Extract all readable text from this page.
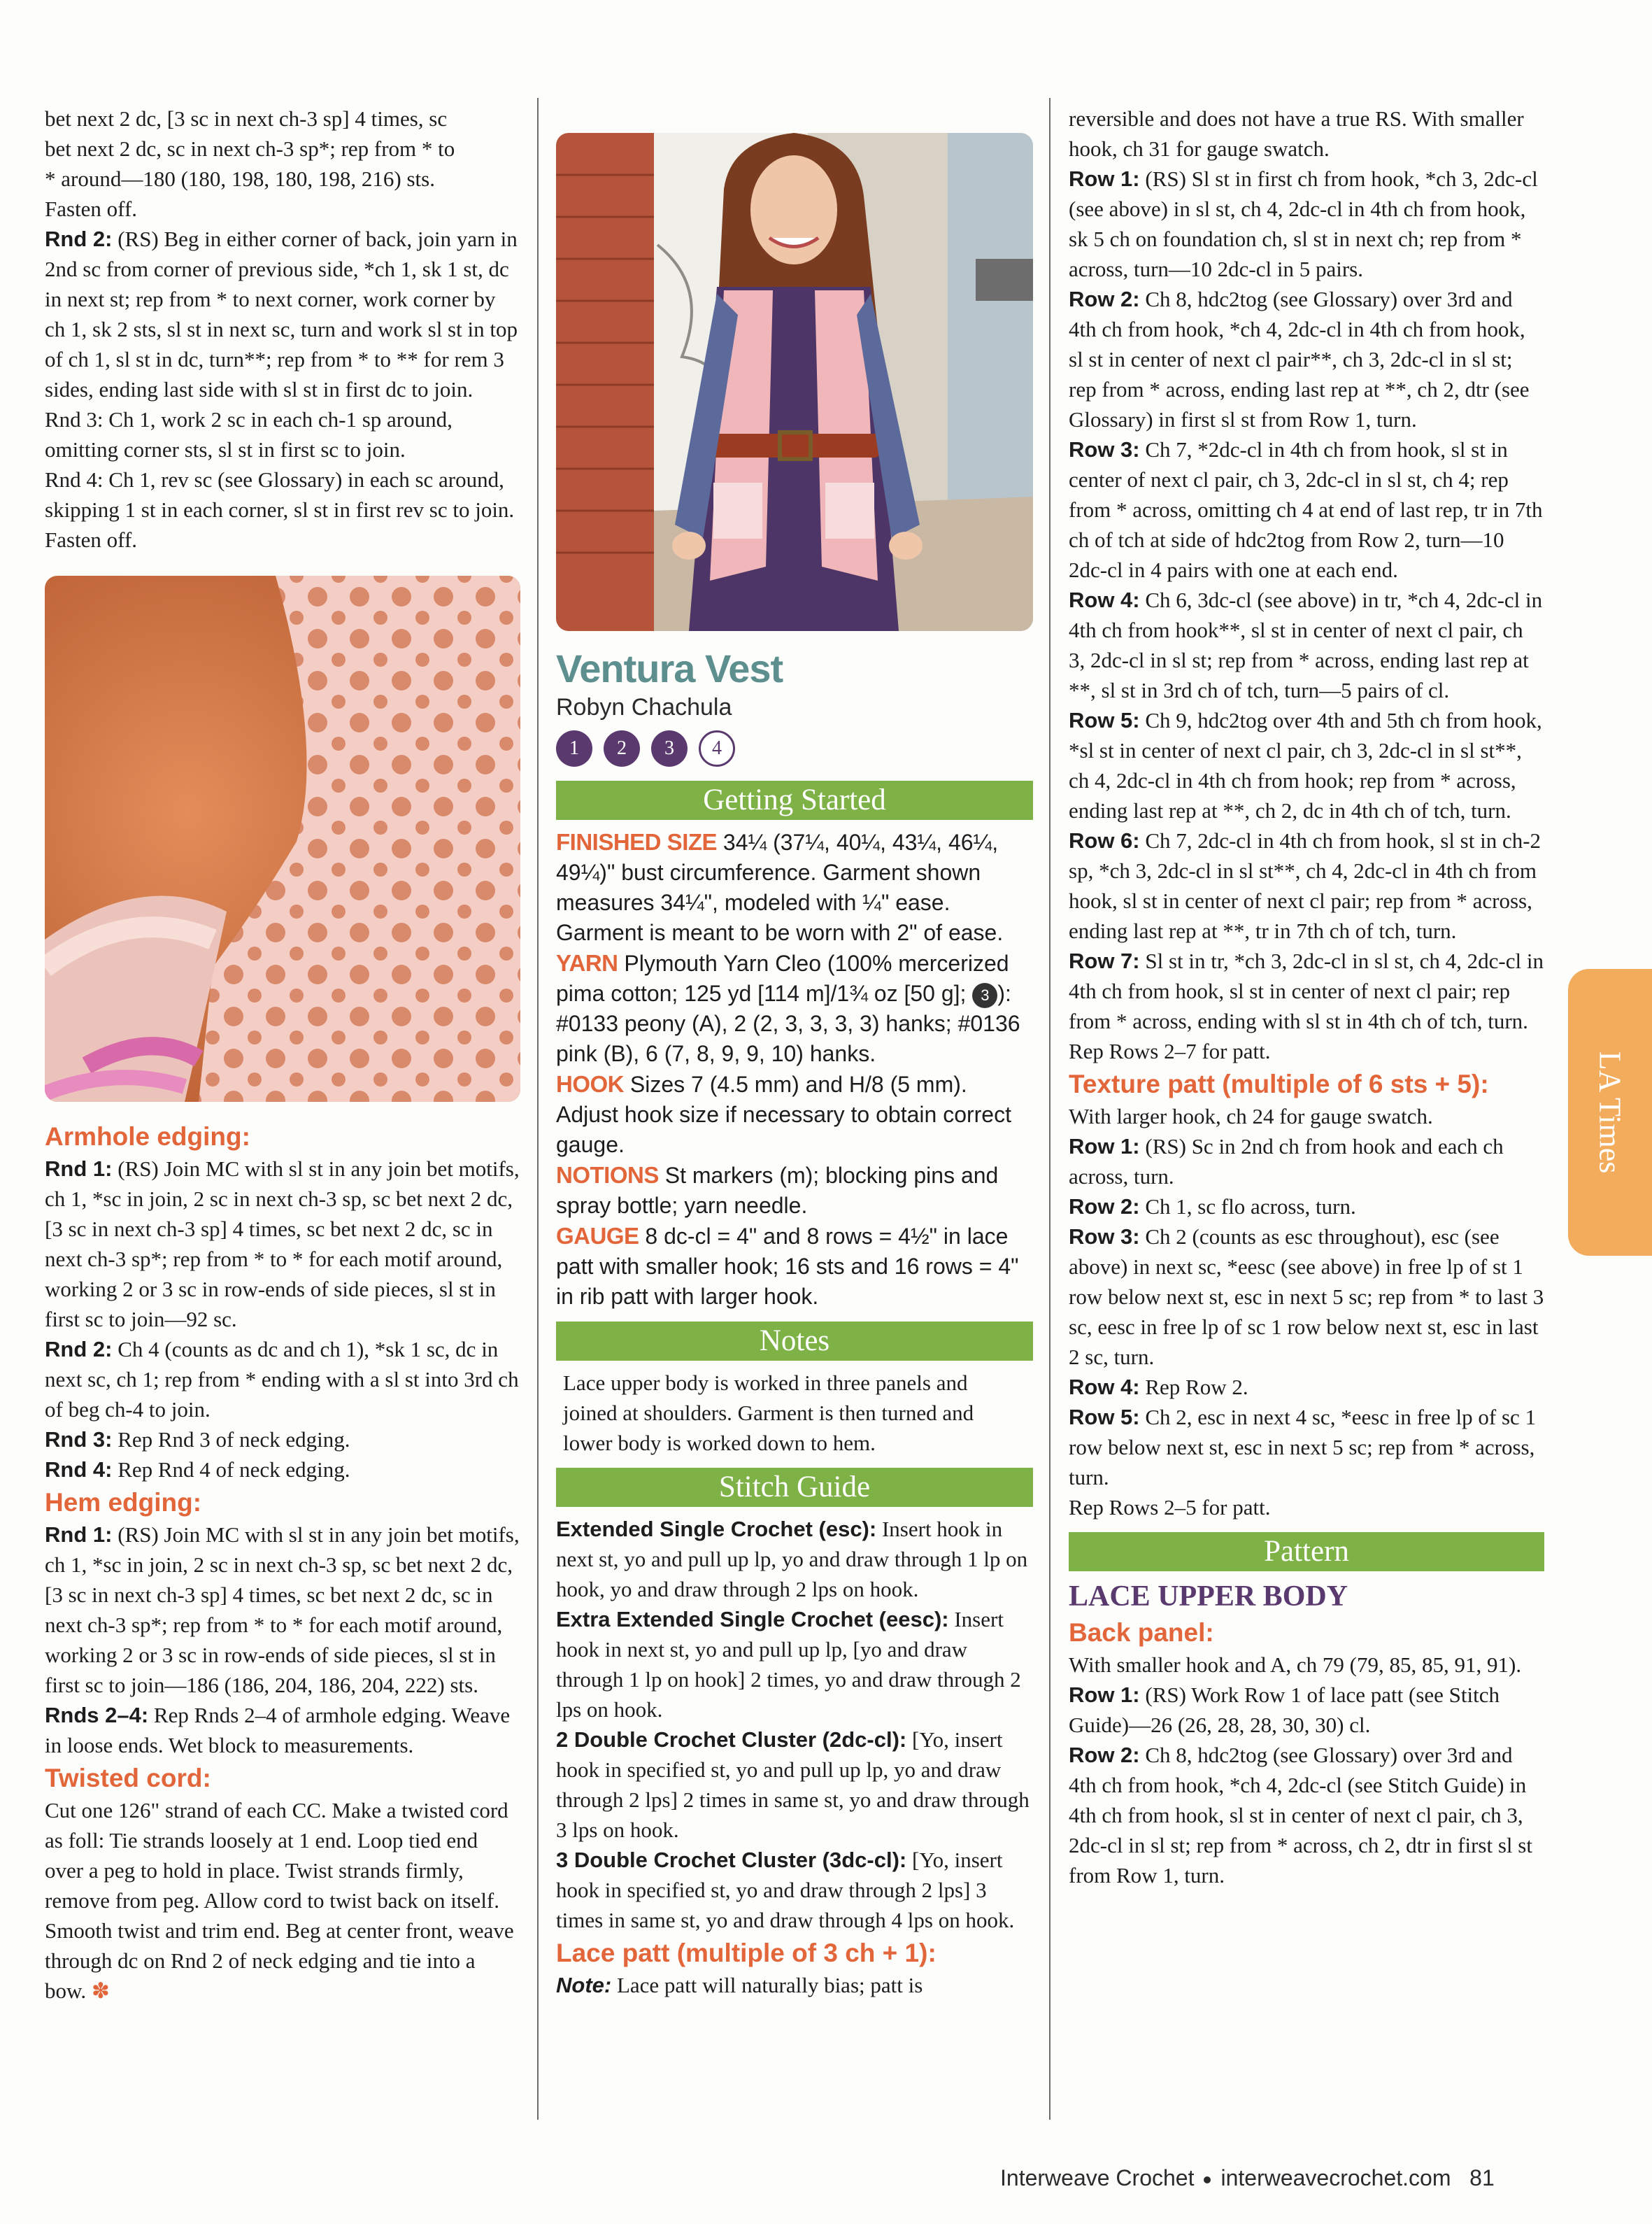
bet next 2 dc, [3 sc in next ch-3 sp] 4 times, sc
bet next 2 dc, sc in next ch-3 sp*; rep from * to
* around—180 (180, 198, 180, 198, 216) sts.
Fasten off.
Rnd 2: (RS) Beg in either corner of back, join yarn in 2nd sc from corner of previous side, *ch 1, sk 1 st, dc in next st; rep from * to next corner, work corner by ch 1, sk 2 sts, sl st in next sc, turn and work sl st in top of ch 1, sl st in dc, turn**; rep from * to ** for rem 3 sides, ending last side with sl st in first dc to join.
Rnd 3: Ch 1, work 2 sc in each ch-1 sp around, omitting corner sts, sl st in first sc to join.
Rnd 4: Ch 1, rev sc (see Glossary) in each sc around, skipping 1 st in each corner, sl st in first rev sc to join. Fasten off.
Armhole edging:
Rnd 1: (RS) Join MC with sl st in any join bet motifs, ch 1, *sc in join, 2 sc in next ch-3 sp, sc bet next 2 dc, [3 sc in next ch-3 sp] 4 times, sc bet next 2 dc, sc in next ch-3 sp*; rep from * to * for each motif around, working 2 or 3 sc in row-ends of side pieces, sl st in first sc to join—92 sc.
Rnd 2: Ch 4 (counts as dc and ch 1), *sk 1 sc, dc in next sc, ch 1; rep from * ending with a sl st into 3rd ch of beg ch-4 to join.
Rnd 3: Rep Rnd 3 of neck edging.
Rnd 4: Rep Rnd 4 of neck edging.
Hem edging:
Rnd 1: (RS) Join MC with sl st in any join bet motifs, ch 1, *sc in join, 2 sc in next ch-3 sp, sc bet next 2 dc, [3 sc in next ch-3 sp] 4 times, sc bet next 2 dc, sc in next ch-3 sp*; rep from * to * for each motif around, working 2 or 3 sc in row-ends of side pieces, sl st in first sc to join—186 (186, 204, 186, 204, 222) sts.
Rnds 2–4: Rep Rnds 2–4 of armhole edging. Weave in loose ends. Wet block to measurements.
Twisted cord:
Cut one 126" strand of each CC. Make a twisted cord as foll: Tie strands loosely at 1 end. Loop tied end over a peg to hold in place. Twist strands firmly, remove from peg. Allow cord to twist back on itself. Smooth twist and trim end. Beg at center front, weave through dc on Rnd 2 of neck edging and tie into a bow. ✽
Ventura Vest
Robyn Chachula
1	2	3	4
Getting Started
FINISHED SIZE 34¼ (37¼, 40¼, 43¼, 46¼, 49¼)" bust circumference. Garment shown measures 34¼", modeled with ¼" ease. Garment is meant to be worn with 2" of ease.
YARN Plymouth Yarn Cleo (100% mercerized pima cotton; 125 yd [114 m]/1¾ oz [50 g]; 3 ): #0133 peony (A), 2 (2, 3, 3, 3, 3) hanks; #0136 pink (B), 6 (7, 8, 9, 9, 10) hanks.
HOOK Sizes 7 (4.5 mm) and H/8 (5 mm). Adjust hook size if necessary to obtain correct gauge.
NOTIONS St markers (m); blocking pins and spray bottle; yarn needle.
GAUGE 8 dc-cl = 4" and 8 rows = 4½" in lace patt with smaller hook; 16 sts and 16 rows = 4" in rib patt with larger hook.
Notes
Lace upper body is worked in three panels and joined at shoulders. Garment is then turned and lower body is worked down to hem.
Stitch Guide
Extended Single Crochet (esc): Insert hook in next st, yo and pull up lp, yo and draw through 1 lp on hook, yo and draw through 2 lps on hook.
Extra Extended Single Crochet (eesc): Insert hook in next st, yo and pull up lp, [yo and draw through 1 lp on hook] 2 times, yo and draw through 2 lps on hook.
2 Double Crochet Cluster (2dc-cl): [Yo, insert hook in specified st, yo and pull up lp, yo and draw through 2 lps] 2 times in same st, yo and draw through 3 lps on hook.
3 Double Crochet Cluster (3dc-cl): [Yo, insert hook in specified st, yo and draw through 2 lps] 3 times in same st, yo and draw through 4 lps on hook.
Lace patt (multiple of 3 ch + 1):
Note: Lace patt will naturally bias; patt is
reversible and does not have a true RS. With smaller hook, ch 31 for gauge swatch.
Row 1: (RS) Sl st in first ch from hook, *ch 3, 2dc-cl (see above) in sl st, ch 4, 2dc-cl in 4th ch from hook, sk 5 ch on foundation ch, sl st in next ch; rep from * across, turn—10 2dc-cl in 5 pairs.
Row 2: Ch 8, hdc2tog (see Glossary) over 3rd and 4th ch from hook, *ch 4, 2dc-cl in 4th ch from hook, sl st in center of next cl pair**, ch 3, 2dc-cl in sl st; rep from * across, ending last rep at **, ch 2, dtr (see Glossary) in first sl st from Row 1, turn.
Row 3: Ch 7, *2dc-cl in 4th ch from hook, sl st in center of next cl pair, ch 3, 2dc-cl in sl st, ch 4; rep from * across, omitting ch 4 at end of last rep, tr in 7th ch of tch at side of hdc2tog from Row 2, turn—10 2dc-cl in 4 pairs with one at each end.
Row 4: Ch 6, 3dc-cl (see above) in tr, *ch 4, 2dc-cl in 4th ch from hook**, sl st in center of next cl pair, ch 3, 2dc-cl in sl st; rep from * across, ending last rep at **, sl st in 3rd ch of tch, turn—5 pairs of cl.
Row 5: Ch 9, hdc2tog over 4th and 5th ch from hook, *sl st in center of next cl pair, ch 3, 2dc-cl in sl st**, ch 4, 2dc-cl in 4th ch from hook; rep from * across, ending last rep at **, ch 2, dc in 4th ch of tch, turn.
Row 6: Ch 7, 2dc-cl in 4th ch from hook, sl st in ch-2 sp, *ch 3, 2dc-cl in sl st**, ch 4, 2dc-cl in 4th ch from hook, sl st in center of next cl pair; rep from * across, ending last rep at **, tr in 7th ch of tch, turn.
Row 7: Sl st in tr, *ch 3, 2dc-cl in sl st, ch 4, 2dc-cl in 4th ch from hook, sl st in center of next cl pair; rep from * across, ending with sl st in 4th ch of tch, turn.
Rep Rows 2–7 for patt.
Texture patt (multiple of 6 sts + 5):
With larger hook, ch 24 for gauge swatch.
Row 1: (RS) Sc in 2nd ch from hook and each ch across, turn.
Row 2: Ch 1, sc flo across, turn.
Row 3: Ch 2 (counts as esc throughout), esc (see above) in next sc, *eesc (see above) in free lp of st 1 row below next st, esc in next 5 sc; rep from * to last 3 sc, eesc in free lp of sc 1 row below next st, esc in last 2 sc, turn.
Row 4: Rep Row 2.
Row 5: Ch 2, esc in next 4 sc, *eesc in free lp of sc 1 row below next st, esc in next 5 sc; rep from * across, turn.
Rep Rows 2–5 for patt.
Pattern
LACE UPPER BODY
Back panel:
With smaller hook and A, ch 79 (79, 85, 85, 91, 91).
Row 1: (RS) Work Row 1 of lace patt (see Stitch Guide)—26 (26, 28, 28, 30, 30) cl.
Row 2: Ch 8, hdc2tog (see Glossary) over 3rd and 4th ch from hook, *ch 4, 2dc-cl (see Stitch Guide) in 4th ch from hook, sl st in center of next cl pair, ch 3, 2dc-cl in sl st; rep from * across, ch 2, dtr in first sl st from Row 1, turn.
LA Times
Interweave Crochet interweavecrochet.com 81
